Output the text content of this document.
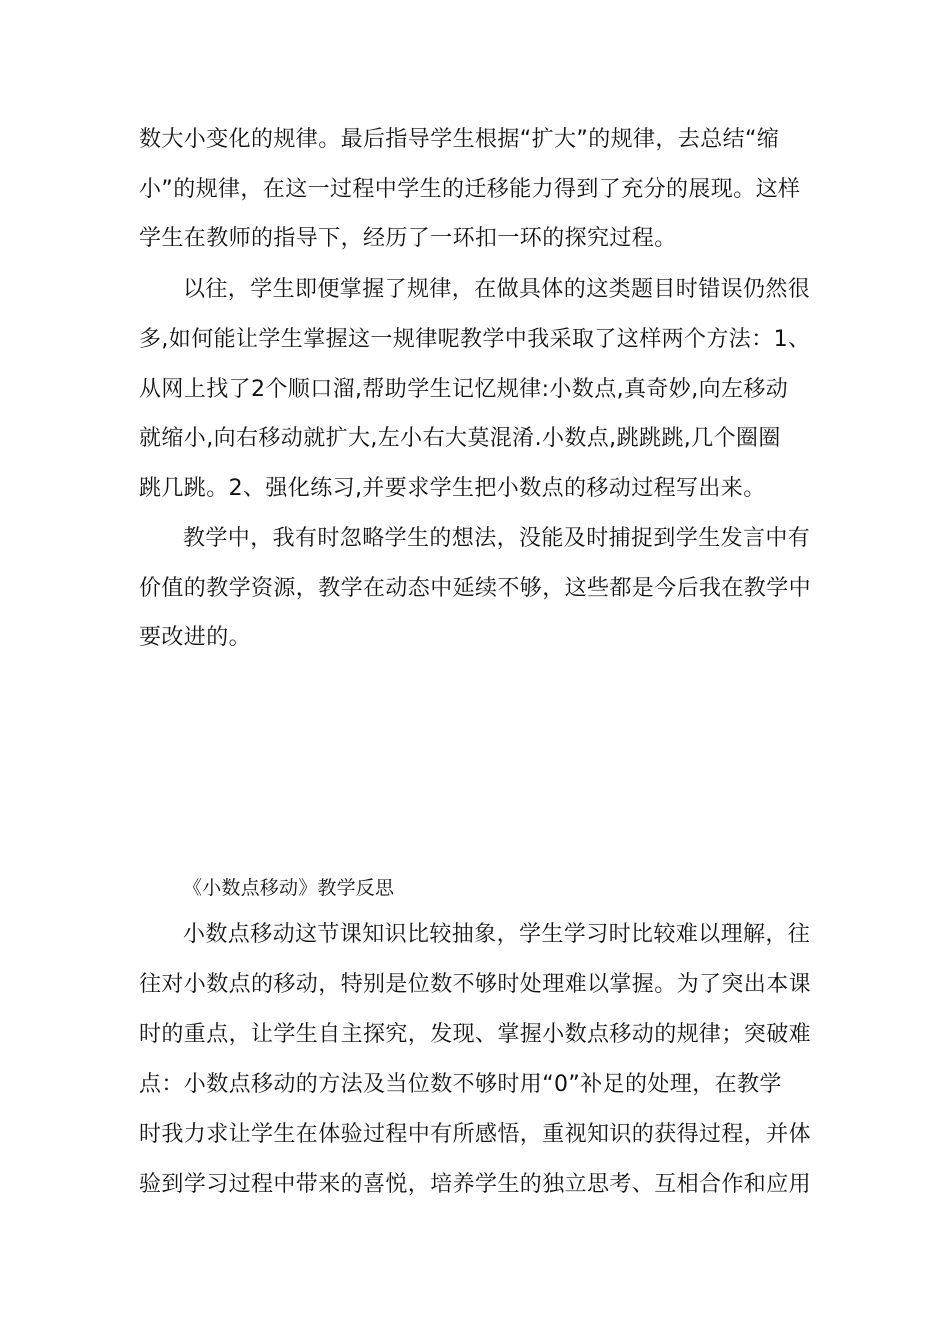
数大小变化的规律。最后指导学生根据“扩大”的规律，去总结“缩
小”的规律，在这一过程中学生的迁移能力得到了充分的展现。这样
学生在教师的指导下，经历了一环扣一环的探究过程。
以往，学生即便掌握了规律，在做具体的这类题目时错误仍然很
多,如何能让学生掌握这一规律呢教学中我采取了这样两个方法：1、
从网上找了2个顺口溜,帮助学生记忆规律:小数点,真奇妙,向左移动
就缩小,向右移动就扩大,左小右大莫混淆.小数点,跳跳跳,几个圈圈
跳几跳。2、强化练习,并要求学生把小数点的移动过程写出来。
教学中，我有时忽略学生的想法，没能及时捕捉到学生发言中有
价值的教学资源，教学在动态中延续不够，这些都是今后我在教学中
要改进的。
《小数点移动》教学反思
小数点移动这节课知识比较抽象，学生学习时比较难以理解，往
往对小数点的移动，特别是位数不够时处理难以掌握。为了突出本课
时的重点，让学生自主探究，发现、掌握小数点移动的规律；突破难
点：小数点移动的方法及当位数不够时用“0”补足的处理，在教学
时我力求让学生在体验过程中有所感悟，重视知识的获得过程，并体
验到学习过程中带来的喜悦，培养学生的独立思考、互相合作和应用
